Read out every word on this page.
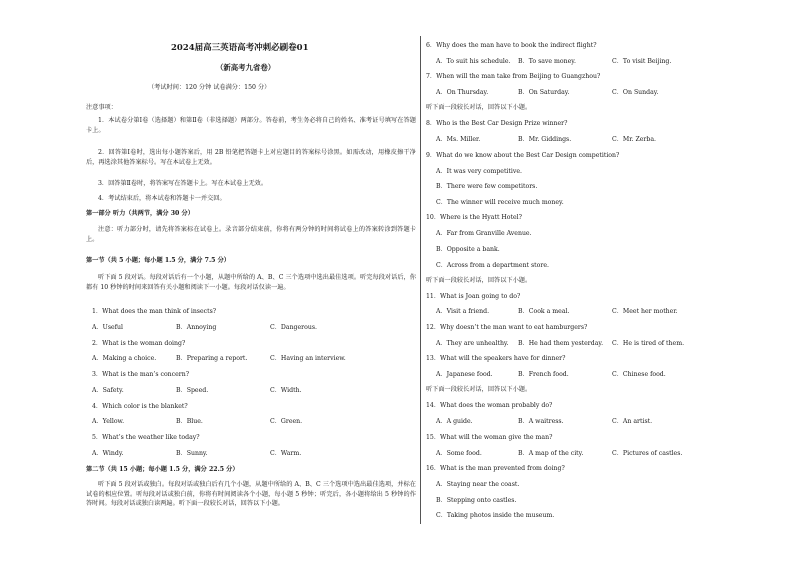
2024届高三英语高考冲刺必刷卷01
（新高考九省卷）
（考试时间：120 分钟 试卷满分：150 分）
注意事项：
1．本试卷分第Ⅰ卷（选择题）和第Ⅱ卷（非选择题）两部分。答卷前，考生务必将自己的姓名、准考证号填写在答题卡上。
2．回答第Ⅰ卷时，选出每小题答案后，用 2B 铅笔把答题卡上对应题目的答案标号涂黑。如需改动，用橡皮擦干净后，再选涂其他答案标号。写在本试卷上无效。
3．回答第Ⅱ卷时，将答案写在答题卡上。写在本试卷上无效。
4．考试结束后，将本试卷和答题卡一并交回。
第一部分 听力（共两节，满分 30 分）
注意：听力部分时，请先将答案标在试卷上。录音部分结束前，你将有两分钟的时间将试卷上的答案转涂到答题卡上。
第一节（共 5 小题；每小题 1.5 分，满分 7.5 分）
听下面 5 段对话。每段对话后有一个小题，从题中所给的 A、B、C 三个选项中选出最佳选项。听完每段对话后，你都有 10 秒钟的时间来回答有关小题和阅读下一小题。每段对话仅读一遍。
1．What does the man think of insects?
A．Useful	B．Annoying	C．Dangerous.
2．What is the woman doing?
A．Making a choice.	B．Preparing a report.	C．Having an interview.
3．What is the man’s concern?
A．Safety.	B．Speed.	C．Width.
4．Which color is the blanket?
A．Yellow.	B．Blue.	C．Green.
5．What’s the weather like today?
A．Windy.	B．Sunny.	C．Warm.
第二节（共 15 小题；每小题 1.5 分，满分 22.5 分）
听下面 5 段对话或独白。每段对话或独白后有几个小题，从题中所给的 A、B、C 三个选项中选出最佳选项，并标在试卷的相应位置。听每段对话或独白前，你将有时间阅读各个小题，每小题 5 秒钟；听完后，各小题将给出 5 秒钟的作答时间。每段对话或独白读两遍。听下面一段较长对话，回答以下小题。
6．Why does the man have to book the indirect flight?
A．To suit his schedule. B．To save money.	C．To visit Beijing.
7．When will the man take from Beijing to Guangzhou?
A．On Thursday.	B．On Saturday.	C．On Sunday.
听下面一段较长对话，回答以下小题。
8．Who is the Best Car Design Prize winner?
A．Ms. Miller.	B．Mr. Giddings.	C．Mr. Zerba.
9．What do we know about the Best Car Design competition?
A．It was very competitive.
B．There were few competitors.
C．The winner will receive much money.
10．Where is the Hyatt Hotel?
A．Far from Granville Avenue.
B．Opposite a bank.
C．Across from a department store.
听下面一段较长对话，回答以下小题。
11．What is Joan going to do?
A．Visit a friend.	B．Cook a meal.	C．Meet her mother.
12．Why doesn’t the man want to eat hamburgers?
A．They are unhealthy. B．He had them yesterday. C．He is tired of them.
13．What will the speakers have for dinner?
A．Japanese food.	B．French food.	C．Chinese food.
听下面一段较长对话，回答以下小题。
14．What does the woman probably do?
A．A guide.	B．A waitress.	C．An artist.
15．What will the woman give the man?
A．Some food.	B．A map of the city.	C．Pictures of castles.
16．What is the man prevented from doing?
A．Staying near the coast.
B．Stepping onto castles.
C．Taking photos inside the museum.
